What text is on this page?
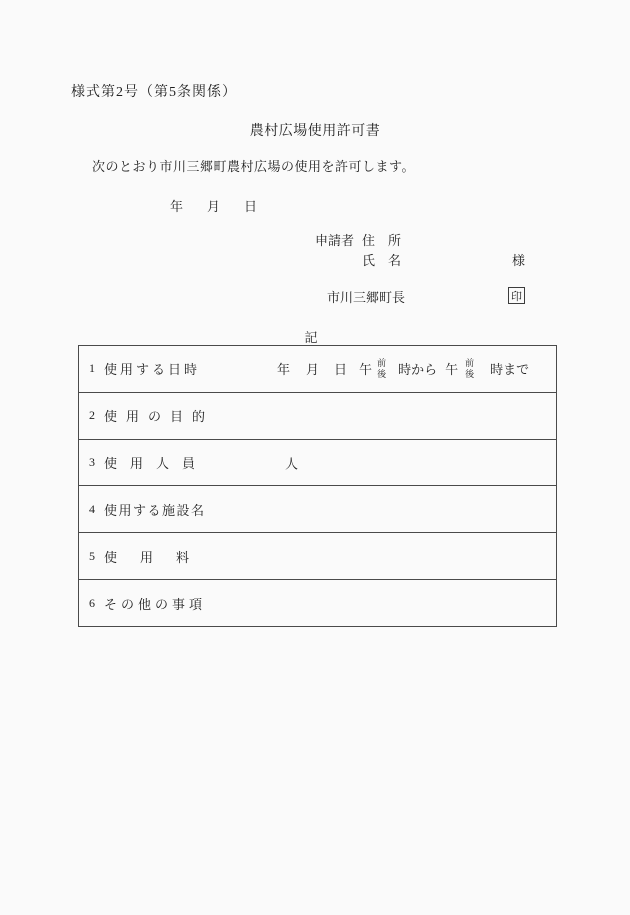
様式第2号（第5条関係）
農村広場使用許可書
次のとおり市川三郷町農村広場の使用を許可します。
年 月 日
申請者 住　所
氏　名	様
市川三郷町長	印
記
1 使用する日時	年 月 日 午 前
後 時から 午 前
後 時まで
2 使用の目的
3 使用人員	人
4 使用する施設名
5 使用料
6 その他の事項
